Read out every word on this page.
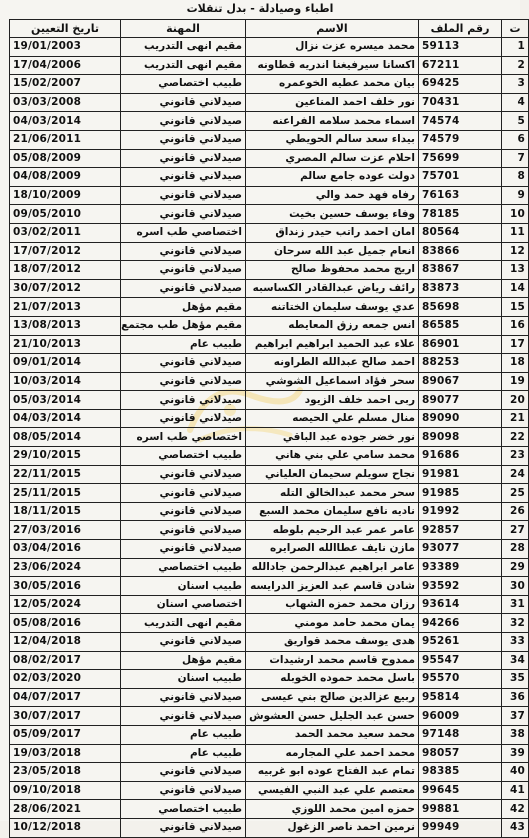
اطباء وصيادلة - بدل تنقلات
تاريخ التعيين	المهنة	الاسم	رقم الملف	ت
19/01/2003	مقيم انهى التدريب	محمد ميسره عزت نزال	59113	1
17/04/2006	مقيم انهى التدريب	اكسانا سيرفيغنا اندريه قطاونه	67211	2
15/02/2007	طبيب اختصاصي	بيان محمد عطيه الخوعمره	69425	3
03/03/2008	صيدلاني قانوني	نور خلف احمد المناعين	70431	4
04/03/2014	صيدلاني قانوني	اسماء محمد سلامه الفراعنه	74574	5
21/06/2011	صيدلاني قانوني	بيداء سعد سالم الحويطي	74579	6
05/08/2009	صيدلاني قانوني	احلام عزت سالم المصري	75699	7
04/08/2009	صيدلاني قانوني	دولت عوده جامع سالم	75701	8
18/10/2009	صيدلاني قانوني	رفاه فهد حمد والي	76163	9
09/05/2010	صيدلاني قانوني	وفاء يوسف حسين بخيت	78185	10
03/02/2011	اختصاصي طب اسره	امان احمد راتب حيدر زنداق	80564	11
17/07/2012	صيدلاني قانوني	انعام جميل عبد الله سرحان	83866	12
18/07/2012	صيدلاني قانوني	اريج محمد محفوظ صالح	83867	13
30/07/2012	صيدلاني قانوني	رائف رياض عبدالقادر الكساسبه	83873	14
21/07/2013	مقيم مؤهل	عدي يوسف سليمان الختاتنه	85698	15
13/08/2013	مقيم مؤهل طب مجتمع	انس جمعه رزق المعايطه	86585	16
21/10/2013	طبيب عام	علاء عبد الحميد ابراهيم ابراهيم	86901	17
09/01/2014	صيدلاني قانوني	احمد صالح عبدالله الطراونه	88253	18
10/03/2014	صيدلاني قانوني	سحر فؤاد اسماعيل الشوشي	89067	19
05/03/2014	صيدلاني قانوني	ربى احمد خلف الزيود	89077	20
04/03/2014	صيدلاني قانوني	منال مسلم علي الحيصه	89090	21
08/05/2014	اختصاصي طب اسره	نور خضر جوده عبد الباقي	89098	22
29/10/2015	طبيب اختصاصي	محمد سامي علي بني هاني	91686	23
22/11/2015	صيدلاني قانوني	نجاح سويلم سحيمان العلياني	91981	24
25/11/2015	صيدلاني قانوني	سحر محمد عبدالخالق التله	91985	25
18/11/2015	صيدلاني قانوني	ناديه نافع سليمان محمد السبع	91992	26
27/03/2016	صيدلاني قانوني	عامر عمر عبد الرحيم بلوطه	92857	27
03/04/2016	صيدلاني قانوني	مازن نايف عطاالله الصرايره	93077	28
23/06/2024	طبيب اختصاصي	عامر ابراهيم عبدالرحمن جادالله	93389	29
30/05/2016	طبيب اسنان	شادن قاسم عبد العزيز الدرايسه	93592	30
12/05/2024	اختصاصي اسنان	رزان محمد حمزه الشهاب	93614	31
05/08/2016	مقيم انهى التدريب	يمان محمد حامد مومني	94266	32
12/04/2018	صيدلاني قانوني	هدى يوسف محمد قواريق	95261	33
08/02/2017	مقيم مؤهل	ممدوح قاسم محمد ارشيدات	95547	34
02/03/2020	طبيب اسنان	باسل محمد حموده الخوبله	95570	35
04/07/2017	صيدلاني قانوني	ربيع عزالدين صالح بني عيسى	95814	36
30/07/2017	صيدلاني قانوني	حسن عبد الجليل حسن العشوش	96009	37
05/09/2017	طبيب عام	محمد سعيد محمد الحمد	97148	38
19/03/2018	طبيب عام	محمد احمد علي المجارمه	98057	39
23/05/2018	صيدلاني قانوني	تمام عبد الفتاح عوده ابو غربيه	98385	40
09/10/2018	صيدلاني قانوني	معتصم علي عبد النبي الفيسي	99645	41
28/06/2021	طبيب اختصاصي	حمزه امين محمد اللوزي	99881	42
10/12/2018	صيدلاني قانوني	نرمين احمد ناصر الزغول	99949	43
